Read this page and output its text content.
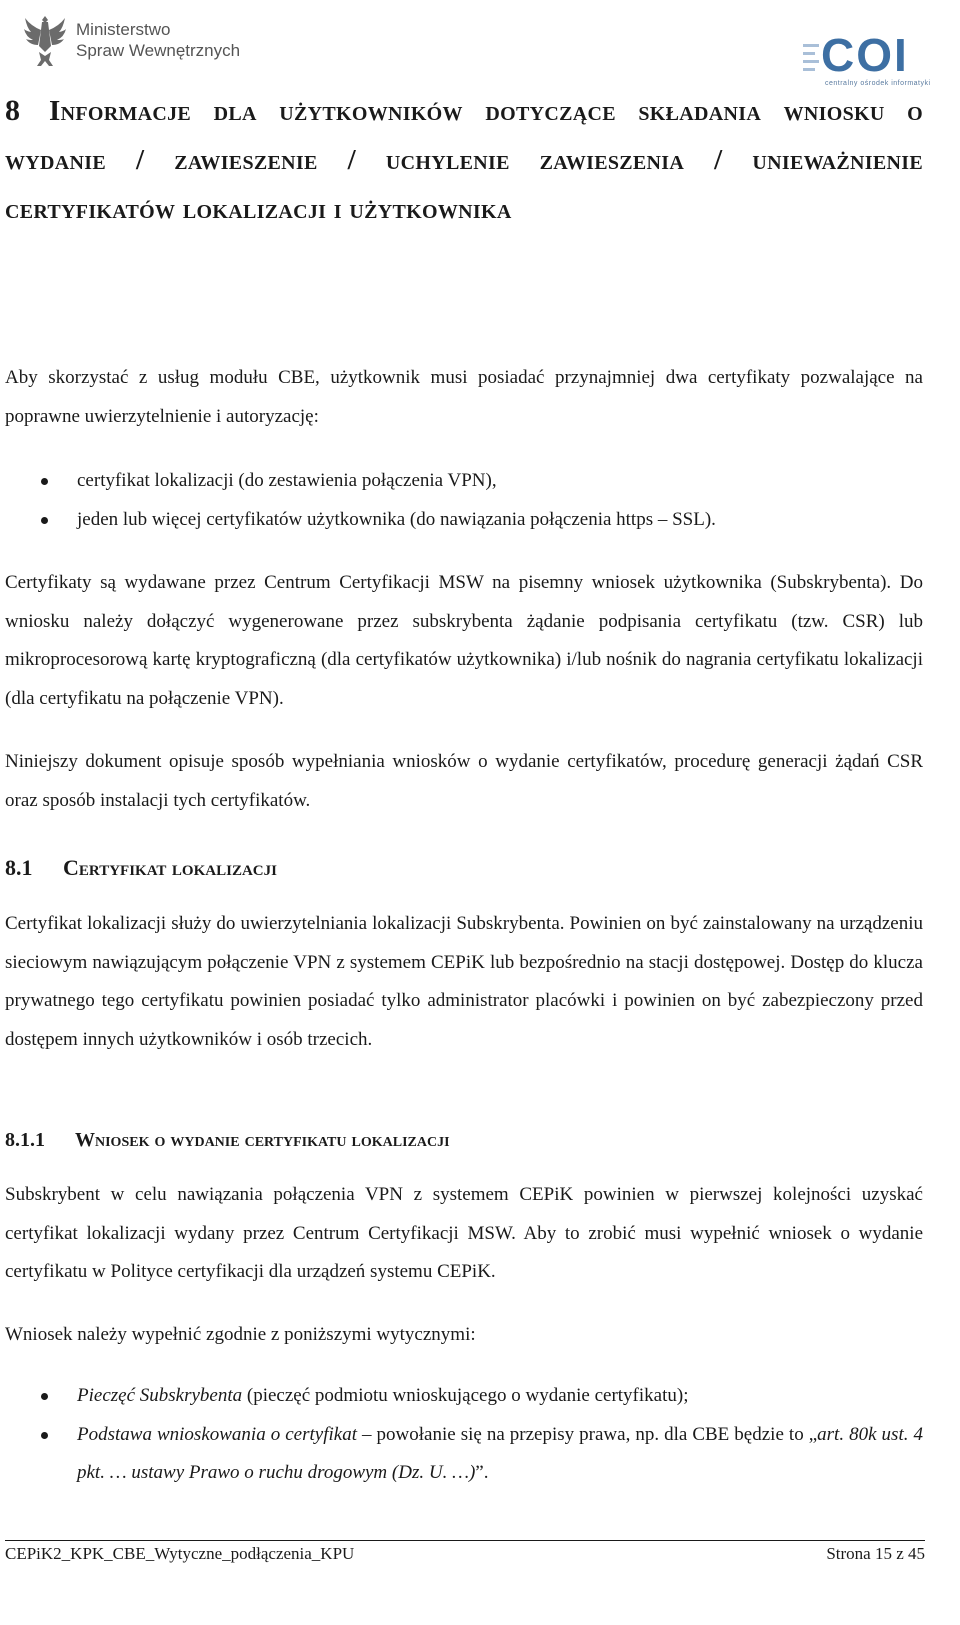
Ministerstwo
Spraw Wewnętrznych	COI
centralny ośrodek informatyki
8 Informacje dla użytkowników dotyczące składania wniosku o wydanie / zawieszenie / uchylenie zawieszenia / unieważnienie certyfikatów lokalizacji i użytkownika

Aby skorzystać z usług modułu CBE, użytkownik musi posiadać przynajmniej dwa certyfikaty pozwalające na poprawne uwierzytelnienie i autoryzację:

certyfikat lokalizacji (do zestawienia połączenia VPN),
jeden lub więcej certyfikatów użytkownika (do nawiązania połączenia https – SSL).

Certyfikaty są wydawane przez Centrum Certyfikacji MSW na pisemny wniosek użytkownika (Subskrybenta). Do wniosku należy dołączyć wygenerowane przez subskrybenta żądanie podpisania certyfikatu (tzw. CSR) lub mikroprocesorową kartę kryptograficzną (dla certyfikatów użytkownika) i/lub nośnik do nagrania certyfikatu lokalizacji (dla certyfikatu na połączenie VPN).

Niniejszy dokument opisuje sposób wypełniania wniosków o wydanie certyfikatów, procedurę generacji żądań CSR oraz sposób instalacji tych certyfikatów.

8.1 Certyfikat lokalizacji

Certyfikat lokalizacji służy do uwierzytelniania lokalizacji Subskrybenta. Powinien on być zainstalowany na urządzeniu sieciowym nawiązującym połączenie VPN z systemem CEPiK lub bezpośrednio na stacji dostępowej. Dostęp do klucza prywatnego tego certyfikatu powinien posiadać tylko administrator placówki i powinien on być zabezpieczony przed dostępem innych użytkowników i osób trzecich.

8.1.1 Wniosek o wydanie certyfikatu lokalizacji

Subskrybent w celu nawiązania połączenia VPN z systemem CEPiK powinien w pierwszej kolejności uzyskać certyfikat lokalizacji wydany przez Centrum Certyfikacji MSW. Aby to zrobić musi wypełnić wniosek o wydanie certyfikatu w Polityce certyfikacji dla urządzeń systemu CEPiK.

Wniosek należy wypełnić zgodnie z poniższymi wytycznymi:

Pieczęć Subskrybenta (pieczęć podmiotu wnioskującego o wydanie certyfikatu);
Podstawa wnioskowania o certyfikat – powołanie się na przepisy prawa, np. dla CBE będzie to „art. 80k ust. 4 pkt. … ustawy Prawo o ruchu drogowym (Dz. U. …)”.
CEPiK2_KPK_CBE_Wytyczne_podłączenia_KPU	Strona 15 z 45
